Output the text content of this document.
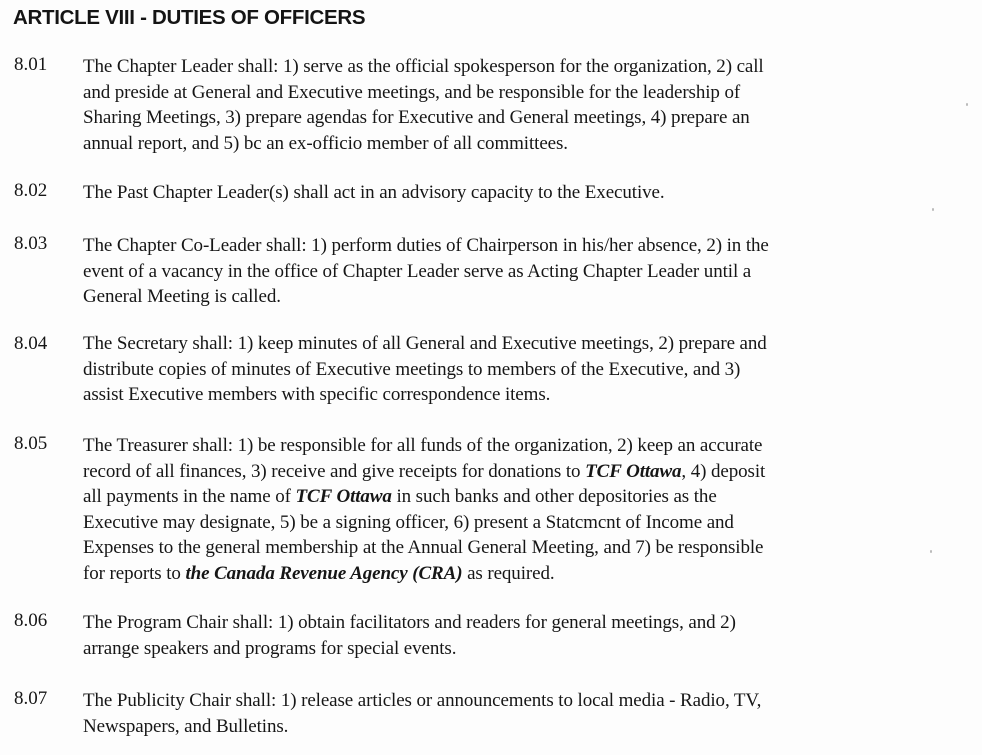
ARTICLE VIII - DUTIES OF OFFICERS
8.01 The Chapter Leader shall: 1) serve as the official spokesperson for the organization, 2) call
and preside at General and Executive meetings, and be responsible for the leadership of
Sharing Meetings, 3) prepare agendas for Executive and General meetings, 4) prepare an
annual report, and 5) bc an ex-officio member of all committees.
8.02 The Past Chapter Leader(s) shall act in an advisory capacity to the Executive.
8.03 The Chapter Co-Leader shall: 1) perform duties of Chairperson in his/her absence, 2) in the
event of a vacancy in the office of Chapter Leader serve as Acting Chapter Leader until a
General Meeting is called.
8.04 The Secretary shall: 1) keep minutes of all General and Executive meetings, 2) prepare and
distribute copies of minutes of Executive meetings to members of the Executive, and 3)
assist Executive members with specific correspondence items.
8.05 The Treasurer shall: 1) be responsible for all funds of the organization, 2) keep an accurate
record of all finances, 3) receive and give receipts for donations to TCF Ottawa, 4) deposit
all payments in the name of TCF Ottawa in such banks and other depositories as the
Executive may designate, 5) be a signing officer, 6) present a Statcmcnt of Income and
Expenses to the general membership at the Annual General Meeting, and 7) be responsible
for reports to the Canada Revenue Agency (CRA) as required.
8.06 The Program Chair shall: 1) obtain facilitators and readers for general meetings, and 2)
arrange speakers and programs for special events.
8.07 The Publicity Chair shall: 1) release articles or announcements to local media - Radio, TV,
Newspapers, and Bulletins.
